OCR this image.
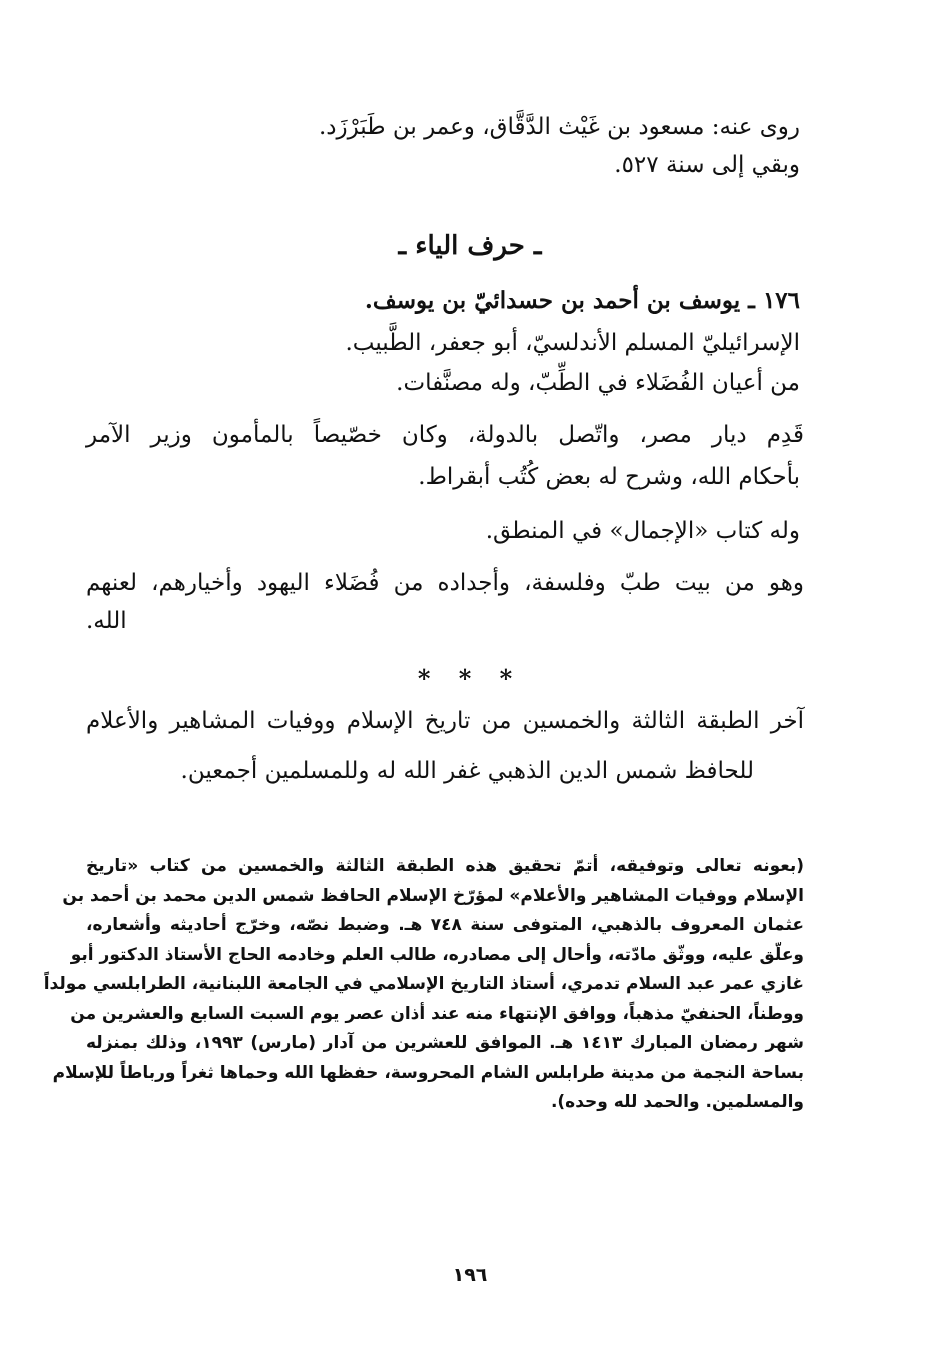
روى عنه: مسعود بن غَيْث الدَّقَّاق، وعمر بن طَبَرْزَد.
وبقي إلى سنة ٥٢٧.
ـ حرف الياء ـ
١٧٦ ـ يوسف بن أحمد بن حسدائيّ بن يوسف.
الإسرائيليّ المسلم الأندلسيّ، أبو جعفر، الطَّبيب.
من أعيان الفُضَلاء في الطِّبّ، وله مصنَّفات.
قَدِم ديار مصر، واتّصل بالدولة، وكان خصّيصاً بالمأمون وزير الآمر
بأحكام الله، وشرح له بعض كُتُب أبقراط.
وله كتاب «الإجمال» في المنطق.
وهو من بيت طبّ وفلسفة، وأجداده من فُضَلاء اليهود وأخيارهم، لعنهم
الله.
* * *
آخر الطبقة الثالثة والخمسين من تاريخ الإسلام ووفيات المشاهير والأعلام
للحافظ شمس الدين الذهبي غفر الله له وللمسلمين أجمعين.
(بعونه تعالى وتوفيقه، أتمّ تحقيق هذه الطبقة الثالثة والخمسين من كتاب «تاريخ
الإسلام ووفيات المشاهير والأعلام» لمؤرّخ الإسلام الحافظ شمس الدين محمد بن أحمد بن
عثمان المعروف بالذهبي، المتوفى سنة ٧٤٨ هـ. وضبط نصّه، وخرّج أحاديثه وأشعاره،
وعلّق عليه، ووثّق مادّته، وأحال إلى مصادره، طالب العلم وخادمه الحاج الأستاذ الدكتور أبو
غازي عمر عبد السلام تدمري، أستاذ التاريخ الإسلامي في الجامعة اللبنانية، الطرابلسي مولداً
ووطناً، الحنفيّ مذهباً، ووافق الإنتهاء منه عند أذان عصر يوم السبت السابع والعشرين من
شهر رمضان المبارك ١٤١٣ هـ. الموافق للعشرين من آدار (مارس) ١٩٩٣، وذلك بمنزله
بساحة النجمة من مدينة طرابلس الشام المحروسة، حفظها الله وحماها ثغراً ورباطاً للإسلام
والمسلمين. والحمد لله وحده).
١٩٦
